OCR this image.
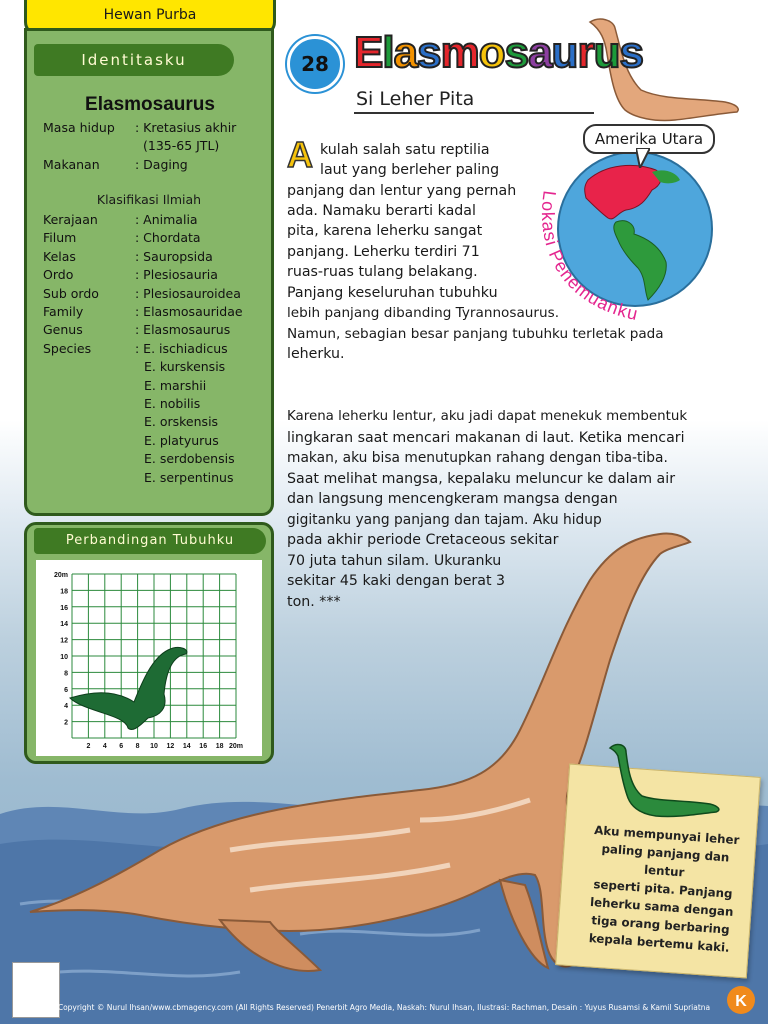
Hewan Purba
Identitasku
Elasmosaurus
Masa hidup : Kretasius akhir
(135-65 JTL)
Makanan	: Daging
Klasifikasi Ilmiah
Kerajaan	: Animalia
Filum	: Chordata
Kelas	: Sauropsida
Ordo	: Plesiosauria
Sub ordo	: Plesiosauroidea
Family	: Elasmosauridae
Genus	: Elasmosaurus
Species	: E. ischiadicus
E. kurskensis
E. marshii
E. nobilis
E. orskensis
E. platyurus
E. serdobensis
E. serpentinus
Perbandingan Tubuhku
20m
18
16
14
12
10
8
6
4
2
2 4 6 8 10 12 14 16 18 20m
28 Elasmosaurus
Si Leher Pita
Amerika Utara
Lokasi Penemuanku
A kulah salah satu reptilia
laut yang berleher paling
panjang dan lentur yang pernah
ada. Namaku berarti kadal
pita, karena leherku sangat
panjang. Leherku terdiri 71
ruas-ruas tulang belakang.
Panjang keseluruhan tubuhku
lebih panjang dibanding Tyrannosaurus.
Namun, sebagian besar panjang tubuhku terletak pada
leherku.
Karena leherku lentur, aku jadi dapat menekuk membentuk
lingkaran saat mencari makanan di laut. Ketika mencari
makan, aku bisa menutupkan rahang dengan tiba-tiba.
Saat melihat mangsa, kepalaku meluncur ke dalam air
dan langsung mencengkeram mangsa dengan
gigitanku yang panjang dan tajam. Aku hidup
pada akhir periode Cretaceous sekitar
70 juta tahun silam. Ukuranku
sekitar 45 kaki dengan berat 3
ton. ***
Aku mempunyai leher
paling panjang dan lentur
seperti pita. Panjang
leherku sama dengan
tiga orang berbaring
kepala bertemu kaki.
K
Copyright © Nurul Ihsan/www.cbmagency.com (All Rights Reserved) Penerbit Agro Media, Naskah: Nurul Ihsan, Ilustrasi: Rachman, Desain : Yuyus Rusamsi & Kamil Supriatna
